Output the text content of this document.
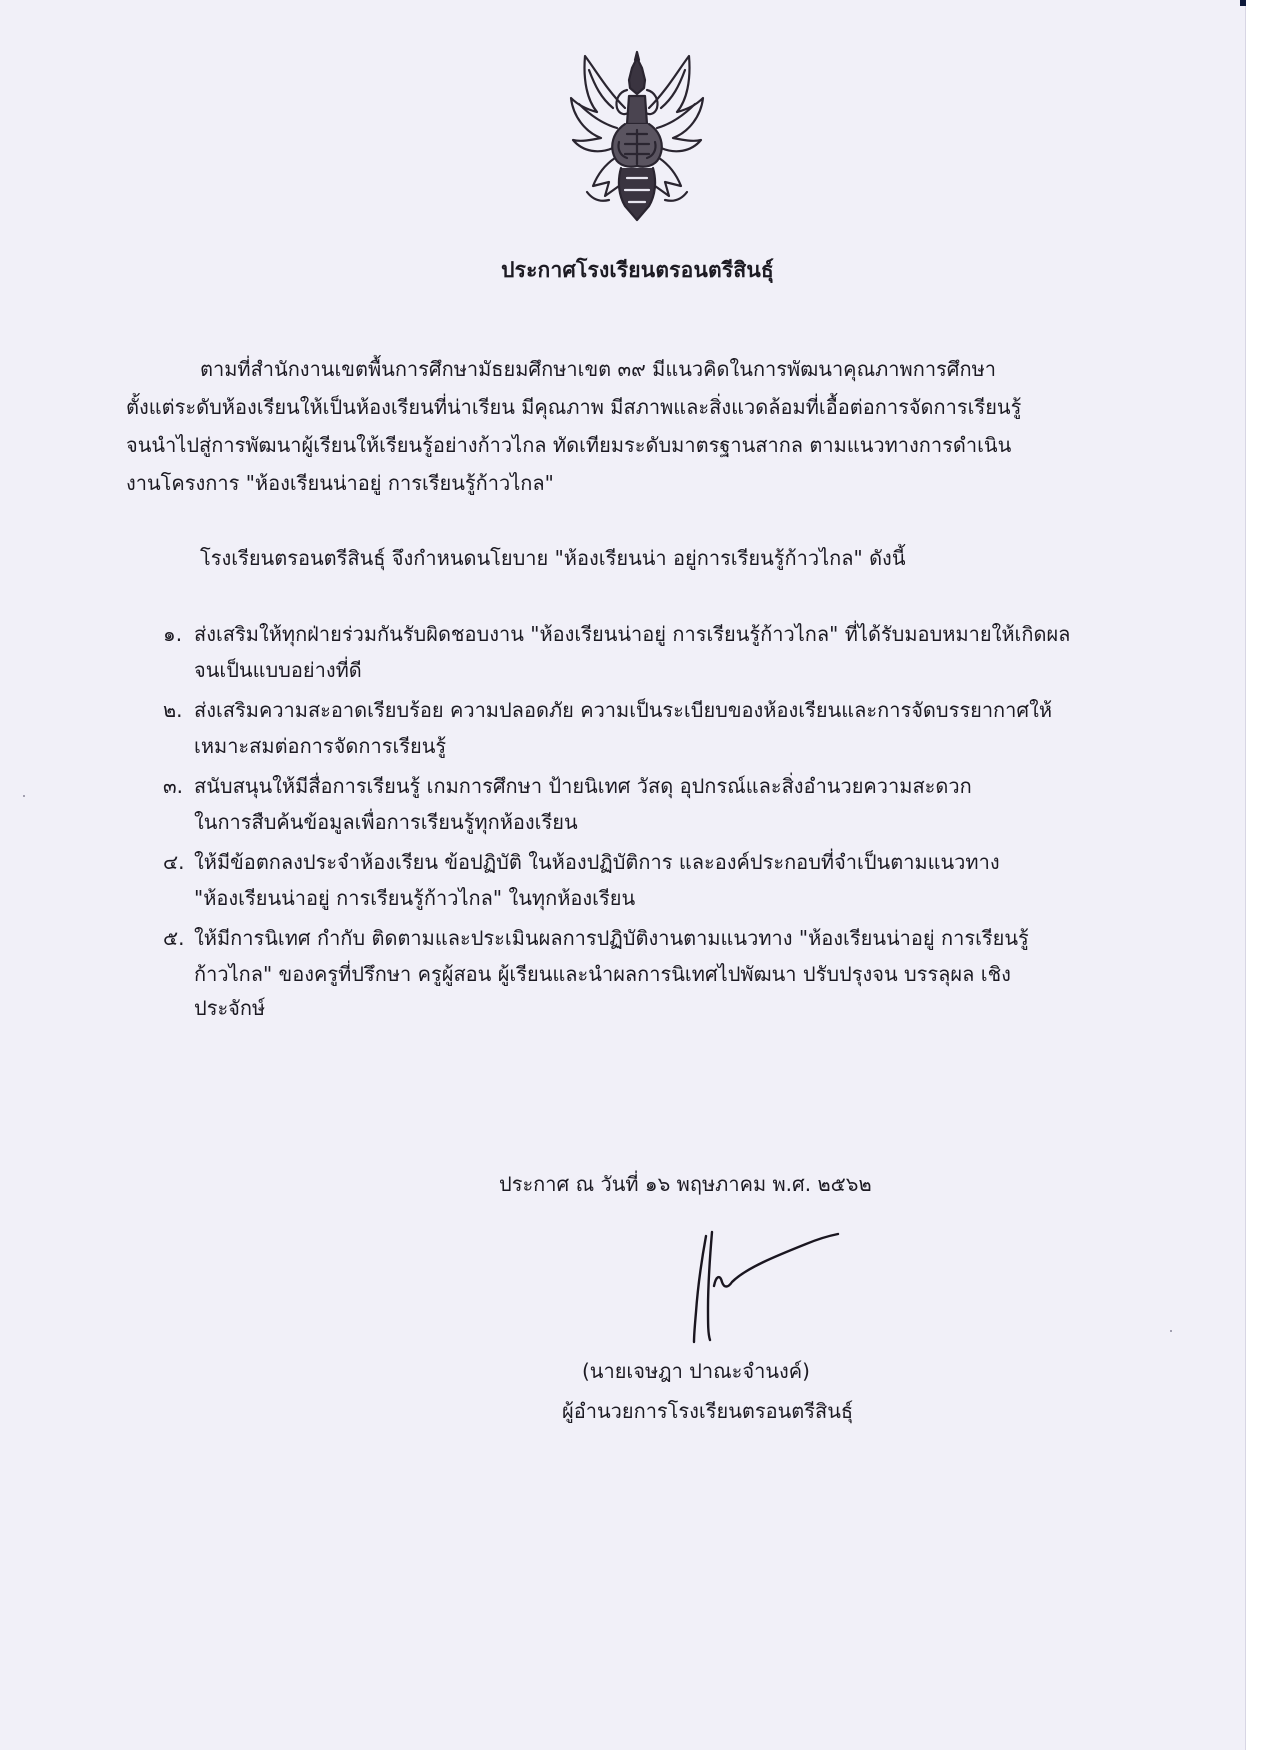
ประกาศโรงเรียนตรอนตรีสินธุ์
ตามที่สำนักงานเขตพื้นการศึกษามัธยมศึกษาเขต ๓๙ มีแนวคิดในการพัฒนาคุณภาพการศึกษา
ตั้งแต่ระดับห้องเรียนให้เป็นห้องเรียนที่น่าเรียน มีคุณภาพ มีสภาพและสิ่งแวดล้อมที่เอื้อต่อการจัดการเรียนรู้
จนนำไปสู่การพัฒนาผู้เรียนให้เรียนรู้อย่างก้าวไกล ทัดเทียมระดับมาตรฐานสากล ตามแนวทางการดำเนิน
งานโครงการ "ห้องเรียนน่าอยู่ การเรียนรู้ก้าวไกล"
โรงเรียนตรอนตรีสินธุ์ จึงกำหนดนโยบาย "ห้องเรียนน่า อยู่การเรียนรู้ก้าวไกล" ดังนี้
๑. ส่งเสริมให้ทุกฝ่ายร่วมกันรับผิดชอบงาน "ห้องเรียนน่าอยู่ การเรียนรู้ก้าวไกล" ที่ได้รับมอบหมายให้เกิดผล
จนเป็นแบบอย่างที่ดี
๒. ส่งเสริมความสะอาดเรียบร้อย ความปลอดภัย ความเป็นระเบียบของห้องเรียนและการจัดบรรยากาศให้
เหมาะสมต่อการจัดการเรียนรู้
๓. สนับสนุนให้มีสื่อการเรียนรู้ เกมการศึกษา ป้ายนิเทศ วัสดุ อุปกรณ์และสิ่งอำนวยความสะดวก
ในการสืบค้นข้อมูลเพื่อการเรียนรู้ทุกห้องเรียน
๔. ให้มีข้อตกลงประจำห้องเรียน ข้อปฏิบัติ ในห้องปฏิบัติการ และองค์ประกอบที่จำเป็นตามแนวทาง
"ห้องเรียนน่าอยู่ การเรียนรู้ก้าวไกล" ในทุกห้องเรียน
๕. ให้มีการนิเทศ กำกับ ติดตามและประเมินผลการปฏิบัติงานตามแนวทาง "ห้องเรียนน่าอยู่ การเรียนรู้
ก้าวไกล" ของครูที่ปรึกษา ครูผู้สอน ผู้เรียนและนำผลการนิเทศไปพัฒนา ปรับปรุงจน บรรลุผล เชิง
ประจักษ์
ประกาศ ณ วันที่ ๑๖ พฤษภาคม พ.ศ. ๒๕๖๒
(นายเจษฎา ปาณะจำนงค์)
ผู้อำนวยการโรงเรียนตรอนตรีสินธุ์
